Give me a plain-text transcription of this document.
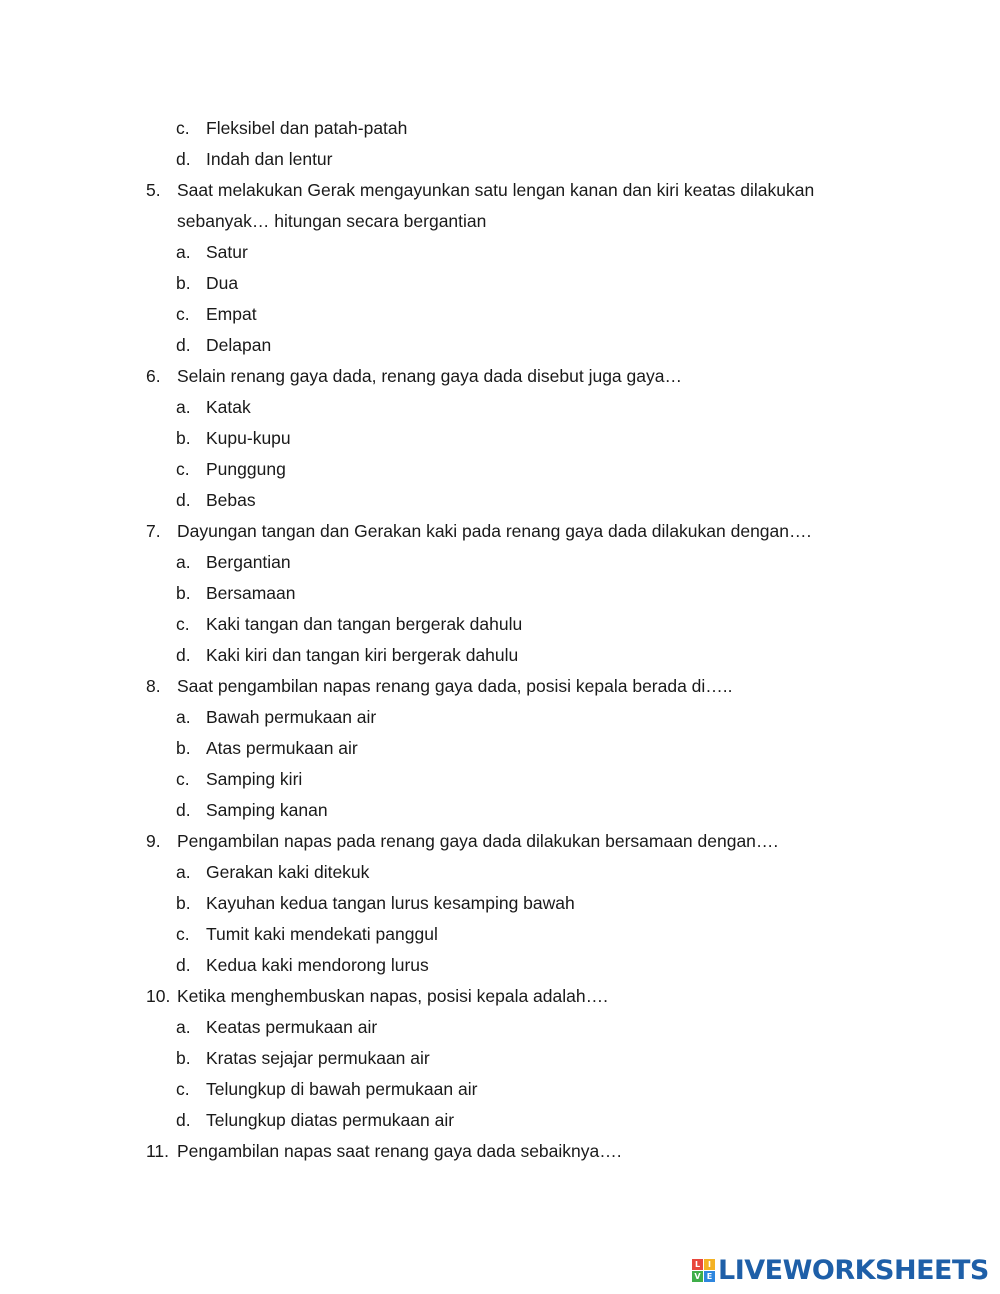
c. Fleksibel dan patah-patah
d. Indah dan lentur
5. Saat melakukan Gerak mengayunkan satu lengan kanan dan kiri keatas dilakukan
sebanyak… hitungan secara bergantian
a. Satur
b. Dua
c. Empat
d. Delapan
6. Selain renang gaya dada, renang gaya dada disebut juga gaya…
a. Katak
b. Kupu-kupu
c. Punggung
d. Bebas
7. Dayungan tangan dan Gerakan kaki pada renang gaya dada dilakukan dengan….
a. Bergantian
b. Bersamaan
c. Kaki tangan dan tangan bergerak dahulu
d. Kaki kiri dan tangan kiri bergerak dahulu
8. Saat pengambilan napas renang gaya dada, posisi kepala berada di…..
a. Bawah permukaan air
b. Atas permukaan air
c. Samping kiri
d. Samping kanan
9. Pengambilan napas pada renang gaya dada dilakukan bersamaan dengan….
a. Gerakan kaki ditekuk
b. Kayuhan kedua tangan lurus kesamping bawah
c. Tumit kaki mendekati panggul
d. Kedua kaki mendorong lurus
10. Ketika menghembuskan napas, posisi kepala adalah….
a. Keatas permukaan air
b. Kratas sejajar permukaan air
c. Telungkup di bawah permukaan air
d. Telungkup diatas permukaan air
11. Pengambilan napas saat renang gaya dada sebaiknya….
L I
V E LIVEWORKSHEETS
